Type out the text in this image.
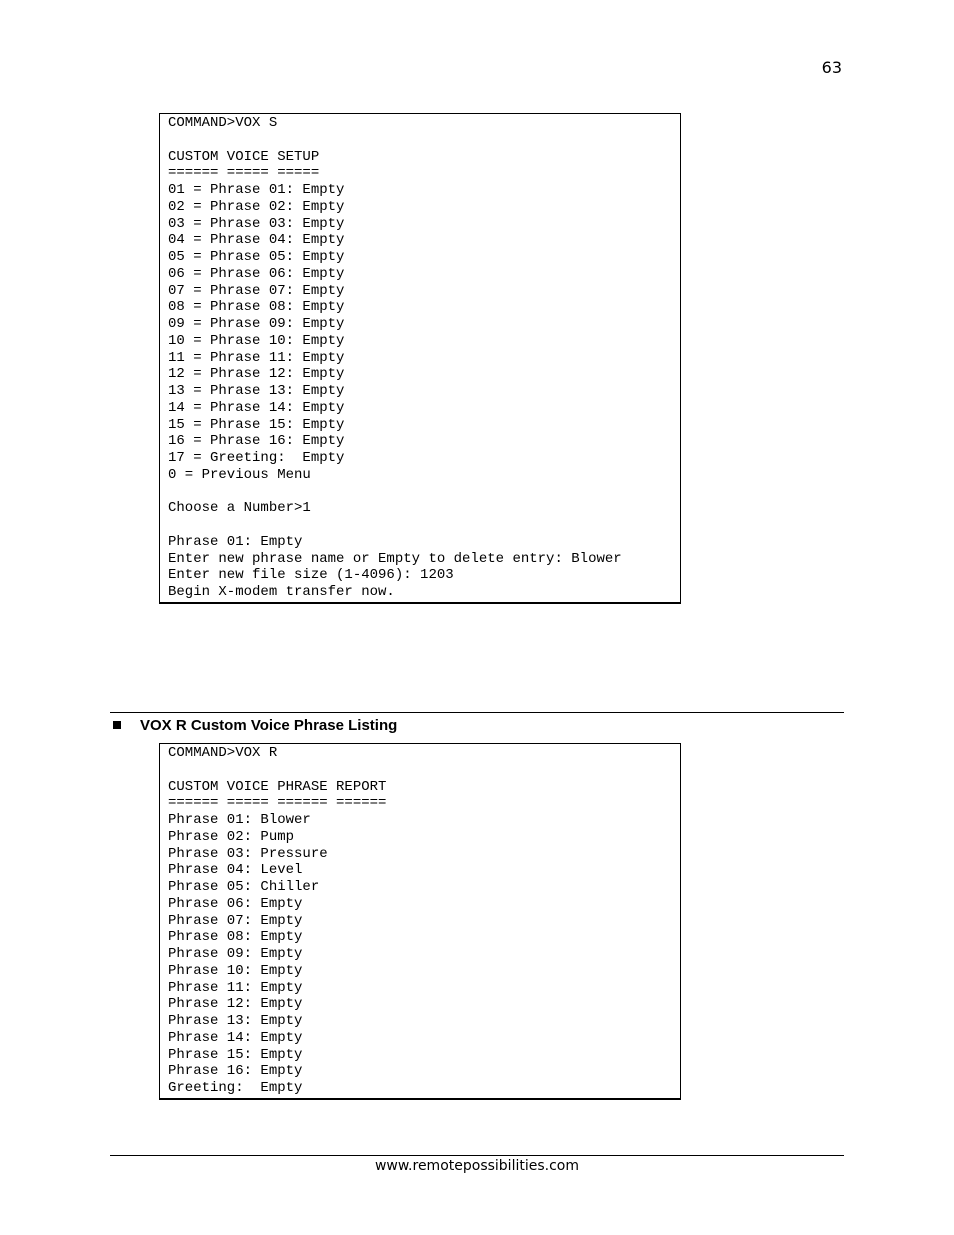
63
COMMAND>VOX S
CUSTOM VOICE SETUP
====== ===== =====
01 = Phrase 01: Empty
02 = Phrase 02: Empty
03 = Phrase 03: Empty
04 = Phrase 04: Empty
05 = Phrase 05: Empty
06 = Phrase 06: Empty
07 = Phrase 07: Empty
08 = Phrase 08: Empty
09 = Phrase 09: Empty
10 = Phrase 10: Empty
11 = Phrase 11: Empty
12 = Phrase 12: Empty
13 = Phrase 13: Empty
14 = Phrase 14: Empty
15 = Phrase 15: Empty
16 = Phrase 16: Empty
17 = Greeting:  Empty
0 = Previous Menu
Choose a Number>1
Phrase 01: Empty
Enter new phrase name or Empty to delete entry: Blower
Enter new file size (1-4096): 1203
Begin X-modem transfer now.
VOX R Custom Voice Phrase Listing
COMMAND>VOX R
CUSTOM VOICE PHRASE REPORT
====== ===== ====== ======
Phrase 01: Blower
Phrase 02: Pump
Phrase 03: Pressure
Phrase 04: Level
Phrase 05: Chiller
Phrase 06: Empty
Phrase 07: Empty
Phrase 08: Empty
Phrase 09: Empty
Phrase 10: Empty
Phrase 11: Empty
Phrase 12: Empty
Phrase 13: Empty
Phrase 14: Empty
Phrase 15: Empty
Phrase 16: Empty
Greeting:  Empty
www.remotepossibilities.com
